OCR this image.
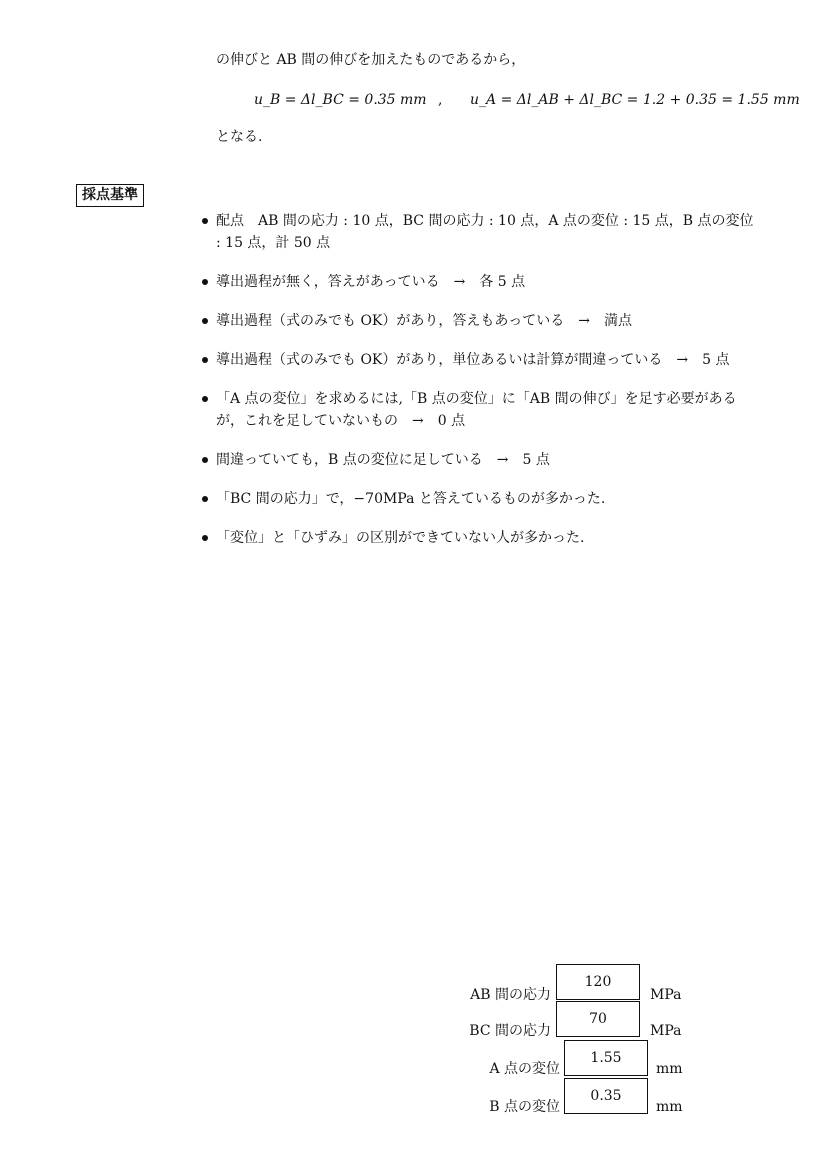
の伸びと AB 間の伸びを加えたものであるから，
u_B = Δl_BC = 0.35 mm , u_A = Δl_AB + Δl_BC = 1.2 + 0.35 = 1.55 mm
となる.
採点基準
配点　AB 間の応力 : 10 点，BC 間の応力 : 10 点，A 点の変位 : 15 点，B 点の変位 : 15 点，計 50 点
導出過程が無く，答えがあっている　→　各 5 点
導出過程（式のみでも OK）があり，答えもあっている　→　満点
導出過程（式のみでも OK）があり，単位あるいは計算が間違っている　→　5 点
「A 点の変位」を求めるには,「B 点の変位」に「AB 間の伸び」を足す必要があるが，これを足していないもの　→　0 点
間違っていても，B 点の変位に足している　→　5 点
「BC 間の応力」で，−70MPa と答えているものが多かった.
「変位」と「ひずみ」の区別ができていない人が多かった.
AB 間の応力
120
MPa
BC 間の応力
70
MPa
A 点の変位
1.55
mm
B 点の変位
0.35
mm
